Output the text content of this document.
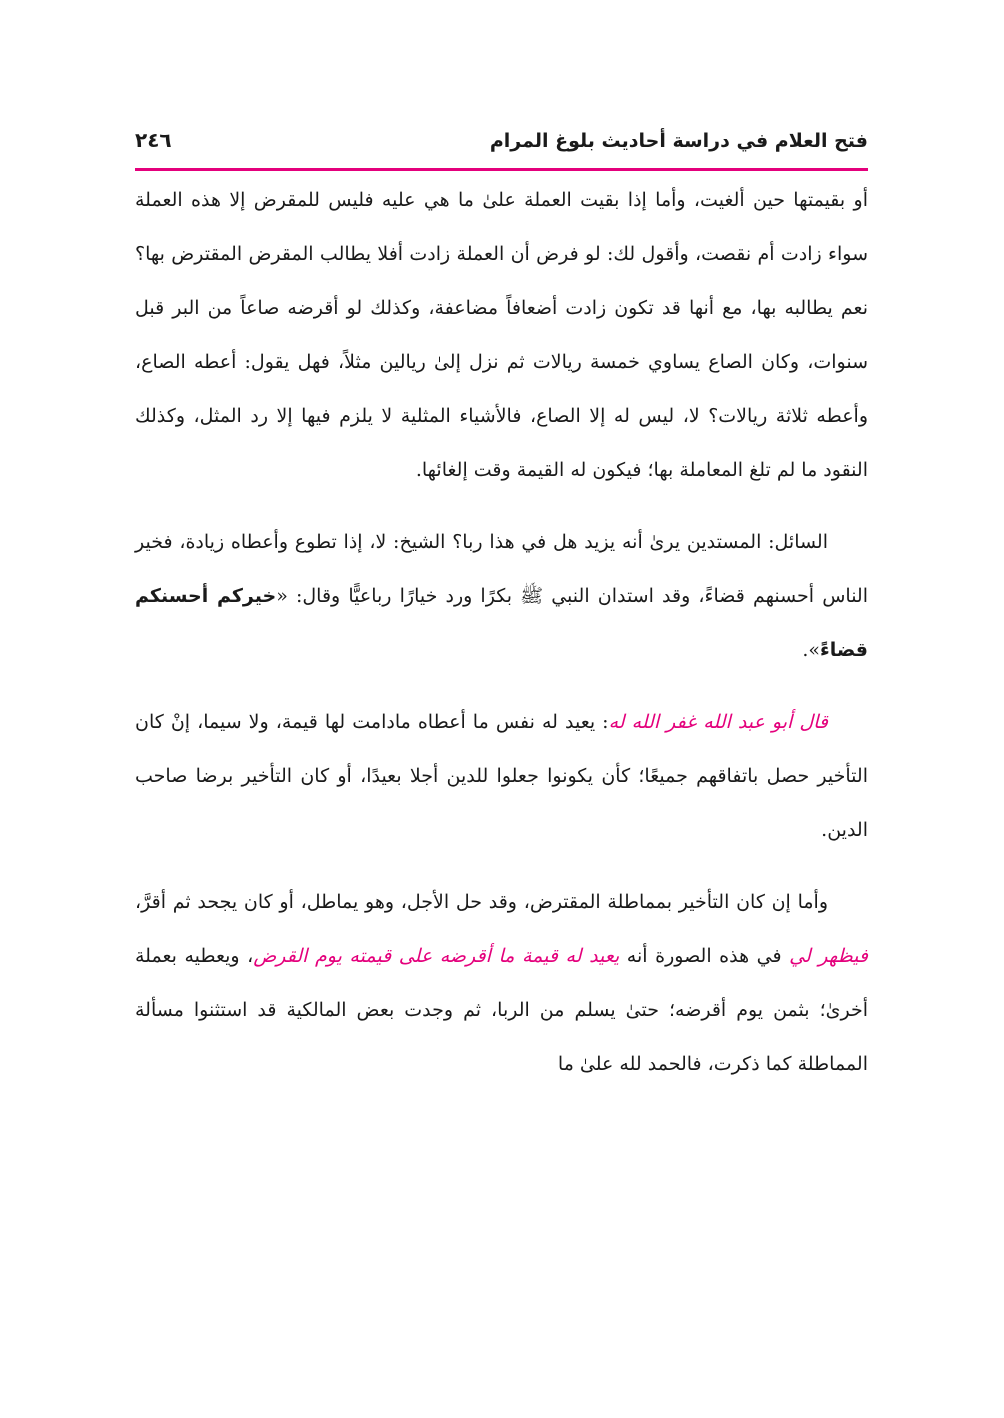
فتح العلام في دراسة أحاديث بلوغ المرام
٢٤٦

أو بقيمتها حين ألغيت، وأما إذا بقيت العملة علىٰ ما هي عليه فليس للمقرض إلا هذه العملة سواء زادت أم نقصت، وأقول لك: لو فرض أن العملة زادت أفلا يطالب المقرض المقترض بها؟ نعم يطالبه بها، مع أنها قد تكون زادت أضعافاً مضاعفة، وكذلك لو أقرضه صاعاً من البر قبل سنوات، وكان الصاع يساوي خمسة ريالات ثم نزل إلىٰ ريالين مثلاً، فهل يقول: أعطه الصاع، وأعطه ثلاثة ريالات؟ لا، ليس له إلا الصاع، فالأشياء المثلية لا يلزم فيها إلا رد المثل، وكذلك النقود ما لم تلغ المعاملة بها؛ فيكون له القيمة وقت إلغائها.

السائل: المستدين يرىٰ أنه يزيد هل في هذا ربا؟ الشيخ: لا، إذا تطوع وأعطاه زيادة، فخير الناس أحسنهم قضاءً، وقد استدان النبي ﷺ بكرًا ورد خيارًا رباعيًّا وقال: «خيركم أحسنكم قضاءً».

قال أبو عبد الله غفر الله له: يعيد له نفس ما أعطاه مادامت لها قيمة، ولا سيما، إنْ كان التأخير حصل باتفاقهم جميعًا؛ كأن يكونوا جعلوا للدين أجلا بعيدًا، أو كان التأخير برضا صاحب الدين.

وأما إن كان التأخير بمماطلة المقترض، وقد حل الأجل، وهو يماطل، أو كان يجحد ثم أقرَّ، فيظهر لي في هذه الصورة أنه يعيد له قيمة ما أقرضه على قيمته يوم القرض، ويعطيه بعملة أخرىٰ؛ بثمن يوم أقرضه؛ حتىٰ يسلم من الربا، ثم وجدت بعض المالكية قد استثنوا مسألة المماطلة كما ذكرت، فالحمد لله علىٰ ما
